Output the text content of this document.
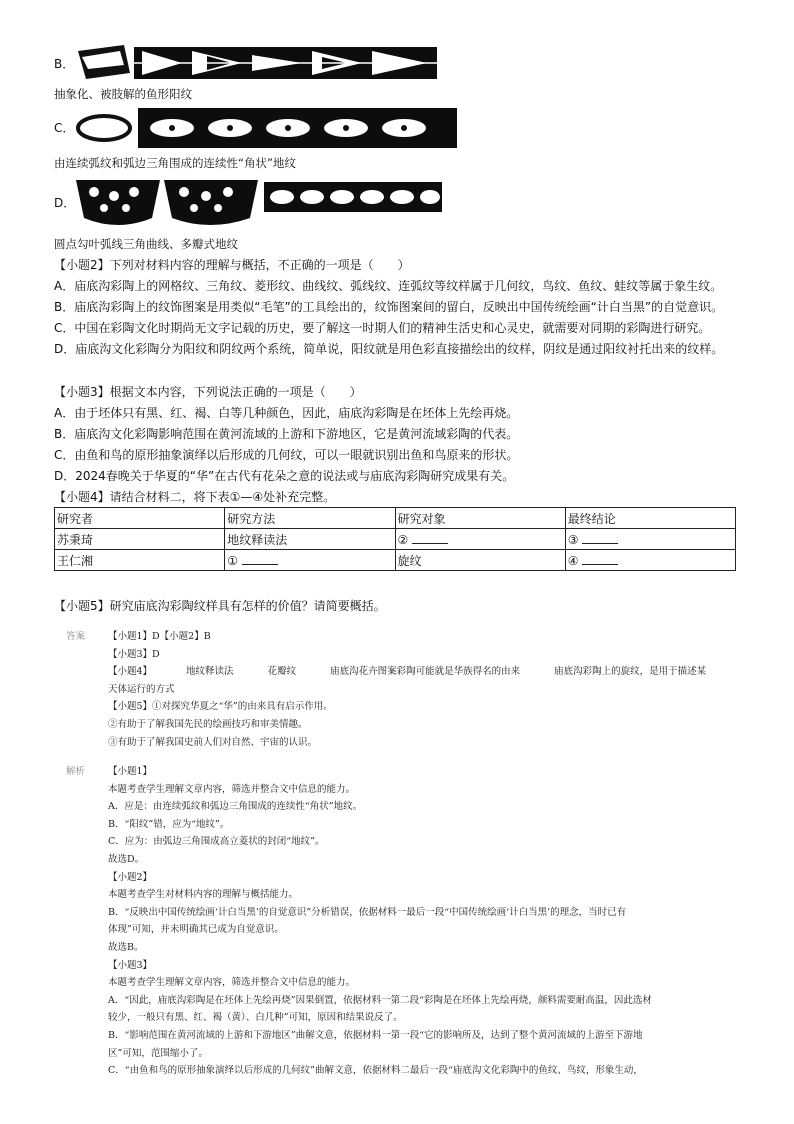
B．
抽象化、被肢解的鱼形阳纹
C．
由连续弧纹和弧边三角围成的连续性“角状”地纹
D．
圆点勾叶弧线三角曲线、多瓣式地纹

【小题2】下列对材料内容的理解与概括，不正确的一项是（　　）

A．庙底沟彩陶上的网格纹、三角纹、菱形纹、曲线纹、弧线纹、连弧纹等纹样属于几何纹，鸟纹、鱼纹、蛙纹等属于象生纹。

B．庙底沟彩陶上的纹饰图案是用类似“毛笔”的工具绘出的，纹饰图案间的留白，反映出中国传统绘画“计白当黑”的自觉意识。

C．中国在彩陶文化时期尚无文字记载的历史，要了解这一时期人们的精神生活史和心灵史，就需要对同期的彩陶进行研究。

D．庙底沟文化彩陶分为阳纹和阴纹两个系统，简单说，阳纹就是用色彩直接描绘出的纹样，阴纹是通过阳纹衬托出来的纹样。

【小题3】根据文本内容，下列说法正确的一项是（　　）

A．由于坯体只有黑、红、褐、白等几种颜色，因此，庙底沟彩陶是在坯体上先绘再烧。

B．庙底沟文化彩陶影响范围在黄河流域的上游和下游地区，它是黄河流域彩陶的代表。

C．由鱼和鸟的原形抽象演绎以后形成的几何纹，可以一眼就识别出鱼和鸟原来的形状。

D．2024春晚关于华夏的“华”在古代有花朵之意的说法或与庙底沟彩陶研究成果有关。

【小题4】请结合材料二，将下表①—④处补充完整。
研究者	研究方法	研究对象	最终结论
苏秉琦	地纹释读法	②	③
王仁湘	①	旋纹	④
【小题5】研究庙底沟彩陶纹样具有怎样的价值？请简要概括。
答案 【小题1】D【小题2】B

【小题3】D

【小题4】	地纹释读法	花瓣纹	庙底沟花卉图案彩陶可能就是华族得名的由来	庙底沟彩陶上的旋纹，是用于描述某

天体运行的方式

【小题5】①对探究华夏之“华”的由来具有启示作用。

②有助于了解我国先民的绘画技巧和审美情趣。

③有助于了解我国史前人们对自然、宇宙的认识。

解析 【小题1】

本题考查学生理解文章内容，筛选并整合文中信息的能力。

A．应是：由连续弧纹和弧边三角围成的连续性“角状”地纹。

B．“阳纹”错，应为“地纹”。

C．应为：由弧边三角围成高立菱状的封闭“地纹”。

故选D。

【小题2】

本题考查学生对材料内容的理解与概括能力。

B．“反映出中国传统绘画‘计白当黑’的自觉意识”分析错误，依据材料一最后一段“中国传统绘画‘计白当黑’的理念，当时已有

体现”可知，并未明确其已成为自觉意识。

故选B。

【小题3】

本题考查学生理解文章内容，筛选并整合文中信息的能力。

A．“因此，庙底沟彩陶是在坯体上先绘再烧”因果倒置，依据材料一第二段“彩陶是在坯体上先绘再烧，颜料需要耐高温，因此选材

较少，一般只有黑、红、褐（黄）、白几种”可知，原因和结果说反了。

B．“影响范围在黄河流域的上游和下游地区”曲解文意，依据材料一第一段“它的影响所及，达到了整个黄河流域的上游至下游地

区”可知，范围缩小了。

C．“由鱼和鸟的原形抽象演绎以后形成的几何纹”曲解文意，依据材料二最后一段“庙底沟文化彩陶中的鱼纹、鸟纹，形象生动，
